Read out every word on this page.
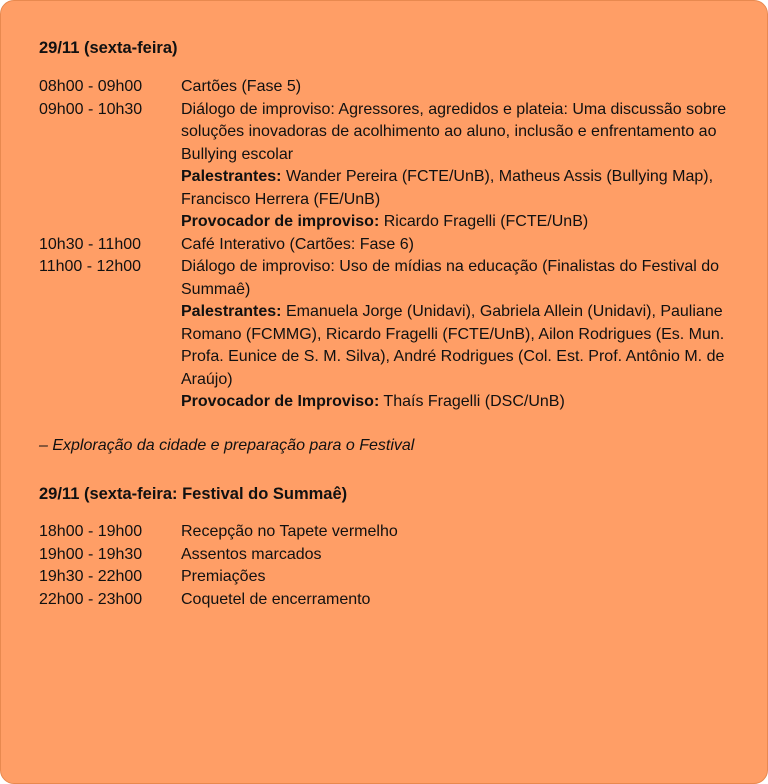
29/11 (sexta-feira)
08h00 - 09h00	Cartões (Fase 5)

09h00 - 10h30	Diálogo de improviso: Agressores, agredidos e plateia: Uma discussão sobre soluções inovadoras de acolhimento ao aluno, inclusão e enfrentamento ao Bullying escolar

Palestrantes: Wander Pereira (FCTE/UnB), Matheus Assis (Bullying Map), Francisco Herrera (FE/UnB)

Provocador de improviso: Ricardo Fragelli (FCTE/UnB)

10h30 - 11h00	Café Interativo (Cartões: Fase 6)

11h00 - 12h00	Diálogo de improviso: Uso de mídias na educação (Finalistas do Festival do Summaê)

Palestrantes: Emanuela Jorge (Unidavi), Gabriela Allein (Unidavi), Pauliane Romano (FCMMG), Ricardo Fragelli (FCTE/UnB), Ailon Rodrigues (Es. Mun. Profa. Eunice de S. M. Silva), André Rodrigues (Col. Est. Prof. Antônio M. de Araújo)

Provocador de Improviso: Thaís Fragelli (DSC/UnB)

– Exploração da cidade e preparação para o Festival
29/11 (sexta-feira: Festival do Summaê)
18h00 - 19h00	Recepção no Tapete vermelho
19h00 - 19h30	Assentos marcados
19h30 - 22h00	Premiações
22h00 - 23h00	Coquetel de encerramento
